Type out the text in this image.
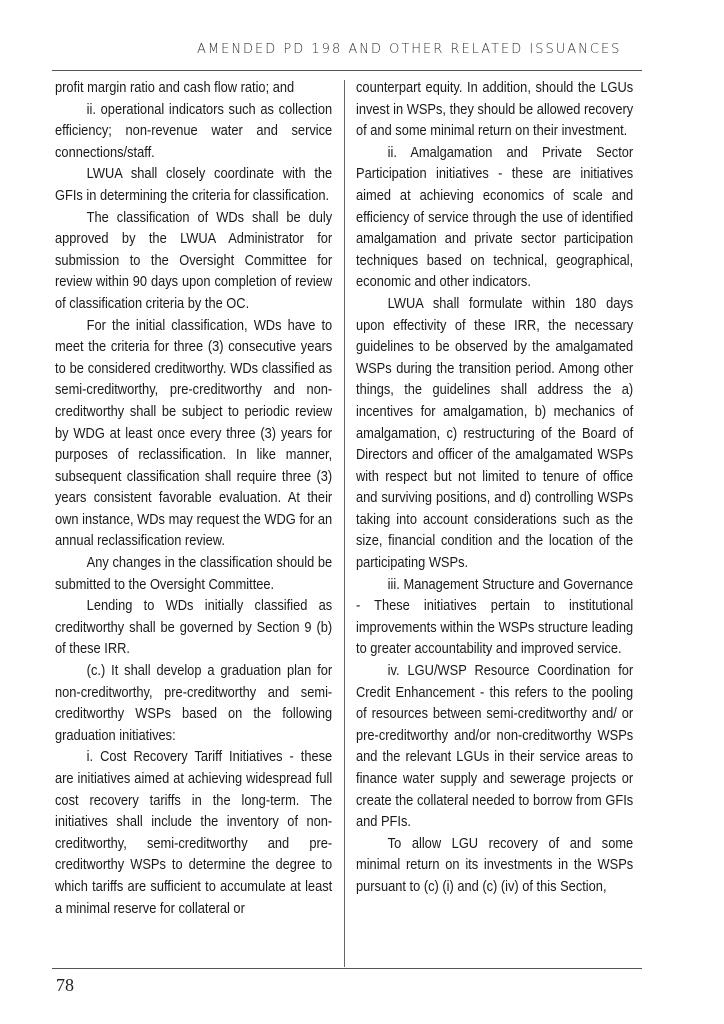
AMENDED PD 198 AND OTHER RELATED ISSUANCES

profit margin ratio and cash flow ratio; and

ii. operational indicators such as collection efficiency; non-revenue water and service connections/staff.

LWUA shall closely coordinate with the GFIs in determining the criteria for classification.

The classification of WDs shall be duly approved by the LWUA Administrator for submission to the Oversight Committee for review within 90 days upon completion of review of classification criteria by the OC.

For the initial classification, WDs have to meet the criteria for three (3) consecutive years to be considered creditworthy. WDs classified as semi-creditworthy, pre-creditworthy and non-creditworthy shall be subject to periodic review by WDG at least once every three (3) years for purposes of reclassification. In like manner, subsequent classification shall require three (3) years consistent favorable evaluation. At their own instance, WDs may request the WDG for an annual reclassification review.

Any changes in the classification should be submitted to the Oversight Committee.

Lending to WDs initially classified as creditworthy shall be governed by Section 9 (b) of these IRR.

(c.) It shall develop a graduation plan for non-creditworthy, pre-creditworthy and semi-creditworthy WSPs based on the following graduation initiatives:

i. Cost Recovery Tariff Initiatives - these are initiatives aimed at achieving widespread full cost recovery tariffs in the long-term. The initiatives shall include the inventory of non-creditworthy, semi-creditworthy and pre-creditworthy WSPs to determine the degree to which tariffs are sufficient to accumulate at least a minimal reserve for collateral or

counterpart equity. In addition, should the LGUs invest in WSPs, they should be allowed recovery of and some minimal return on their investment.

ii. Amalgamation and Private Sector Participation initiatives - these are initiatives aimed at achieving economics of scale and efficiency of service through the use of identified amalgamation and private sector participation techniques based on technical, geographical, economic and other indicators.

LWUA shall formulate within 180 days upon effectivity of these IRR, the necessary guidelines to be observed by the amalgamated WSPs during the transition period. Among other things, the guidelines shall address the a) incentives for amalgamation, b) mechanics of amalgamation, c) restructuring of the Board of Directors and officer of the amalgamated WSPs with respect but not limited to tenure of office and surviving positions, and d) controlling WSPs taking into account considerations such as the size, financial condition and the location of the participating WSPs.

iii. Management Structure and Governance - These initiatives pertain to institutional improvements within the WSPs structure leading to greater accountability and improved service.

iv. LGU/WSP Resource Coordination for Credit Enhancement - this refers to the pooling of resources between semi-creditworthy and/ or pre-creditworthy and/or non-creditworthy WSPs and the relevant LGUs in their service areas to finance water supply and sewerage projects or create the collateral needed to borrow from GFIs and PFIs.

To allow LGU recovery of and some minimal return on its investments in the WSPs pursuant to (c) (i) and (c) (iv) of this Section,

78
